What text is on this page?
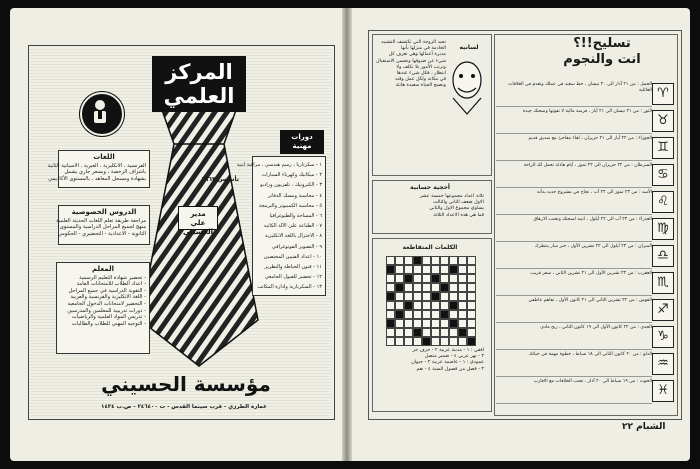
المركز
العلمي
تأسيس ١٩٦٣
مدير
علي الحسيني
دورات
مهنية
اللغات
الفرنسية ، الانكليزية ، العبرية ، الاسبانية الثانية
باشراف الرخصة ، وبسعر جاري يشمل
بشهادة ومسجل المعاهد ، بالمستوى الأكاديمي
الدروس الخصوصية
مراجعة طريقة تعلم اللغات الحديثة العلمية
منهج لجميع المراحل الدراسية والمستوى
الثانوية - الاعدادية - التحضيري - الحكومي
المعلم
- تحضير شهادة التعليم الرسمية
- اعداد الطلاب للامتحانات العامة
- التقوية الدراسية في جميع المراحل
- اللغة الانكليزية والفرنسية والعربية
- التحضير لامتحانات الدخول الجامعية
- دورات تدريبية للمعلمين والمدرسين
- تدريس المواد العلمية والرياضيات
- التوجيه المهني للطلاب والطالبات
١ - سكرتاريا ، رسم هندسي ، مراقبة ابنية
٢ - ميكانيك وكهرباء السيارات
٣ - الكترونيك ، تلفزيون وراديو
٤ - محاسبة ومسك الدفاتر
٥ - محاسبة الكمبيوتر والبرمجة
٦ - المساحة والطبوغرافيا
٧ - الطباعة على الآلة الكاتبة
٨ - الاختزال باللغة الانكليزية
٩ - التصوير الفوتوغرافي
١٠ - اعداد الفنيين المختصين
١١ - فنون الخياطة والتطريز
١٢ - تحضير للقبول الجامعي
١٣ - السكرتارية وادارة المكاتب
مؤسسة الحسيني
عمارة الطرزي - قرب سينما القدس - ت ٢٤٦٤٠٠ - ص.ب ١٤٣٤
تحيد الزوجة التي تكتشف التشبيه
الخادمة في منزلها بأنها
مديرة أعمالها وهي تعرف كل
شيء عن ضيوفها وتحسن الاستقبال
وترتب الأمور بلا تكلف ولا
انتظار ، فكل شيء عندها
في مكانه ولكل عمل وقته
وتصبح الحياة سعيدة هانئة
لسانيه
أحجية حسابية
ثلاثة اعداد مجموعها خمسة عشر
الاول ضعف الثاني والثالث
يساوي مجموع الاول والثاني
فما هي هذه الاعداد الثلاثة
الكلمات المتقاطعة
افقي : ١ - مدينة عربية ٢ - حرف جر
٣ - نهر عربي ٤ - ضمير متصل
عمودي : ١ - عاصمة عربية ٢ - حيوان
٣ - فصل من فصول السنة ٤ - نعم
تسليح!!؟
انت والنجوم
الحمل : من ٢١ آذار الى ٢٠ نيسان ، حظ سعيد في عملك وتقدم في العلاقات العائلية ♈
الثور : من ٢١ نيسان الى ٢١ أيار ، فرصة مالية لا تفوتها وصحتك جيدة
♉
الجوزاء : من ٢٢ أيار الى ٢١ حزيران ، لقاء مفاجئ مع صديق قديم
♊
السرطان : من ٢٢ حزيران الى ٢٢ تموز ، أيام هادئة تحمل لك الراحة
♋
الأسد : من ٢٣ تموز الى ٢٢ آب ، نجاح في مشروع جديد بدأته
♌
العذراء : من ٢٣ آب الى ٢٢ أيلول ، انتبه لصحتك وتجنب الارهاق
♍
الميزان : من ٢٣ أيلول الى ٢٢ تشرين الأول ، خبر سار ينتظرك
♎
العقرب : من ٢٣ تشرين الأول الى ٢١ تشرين الثاني ، سفر قريب
♏
القوس : من ٢٢ تشرين الثاني الى ٢١ كانون الأول ، تفاهم عاطفي
♐
الجدي : من ٢٢ كانون الأول الى ١٩ كانون الثاني ، ربح مادي
♑
الدلو : من ٢٠ كانون الثاني الى ١٨ شباط ، خطوة مهمة في حياتك
♒
الحوت : من ١٩ شباط الى ٢٠ آذار ، تجنب الخلافات مع الاقارب
♓
الشبام ٢٢
